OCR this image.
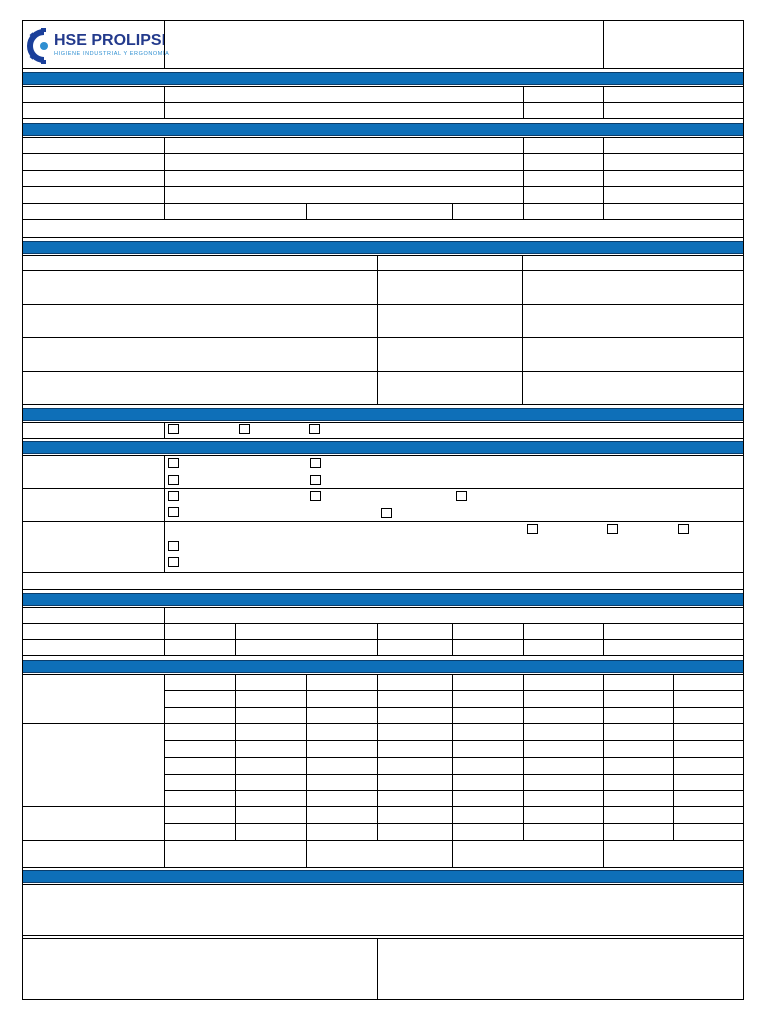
HSE PROLIPSI
HIGIENE INDUSTRIAL Y ERGONOMÍA
